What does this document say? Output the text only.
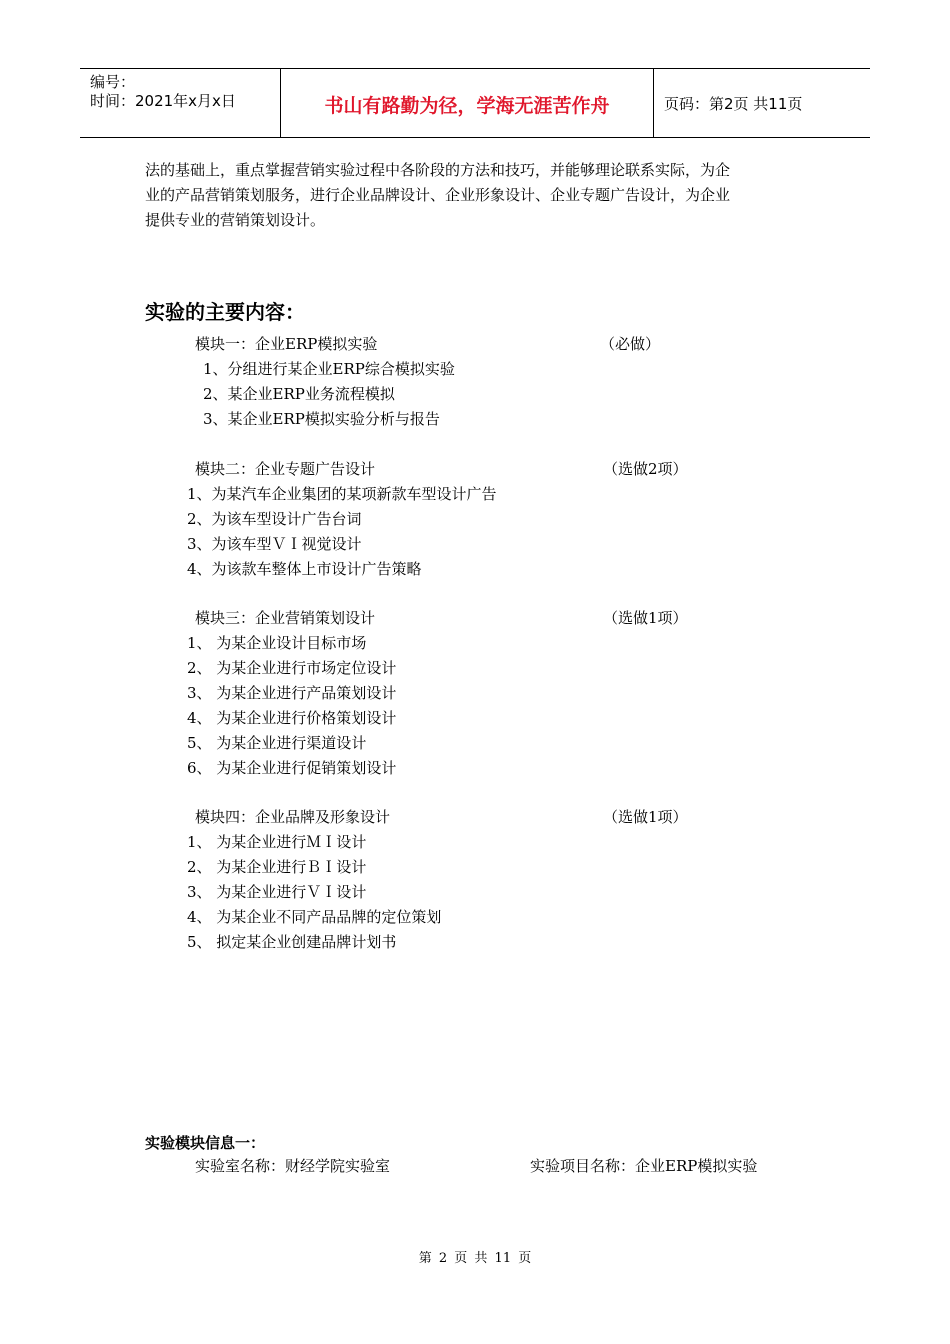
编号：
时间：2021年x月x日	书山有路勤为径，学海无涯苦作舟	页码：第2页 共11页
法的基础上，重点掌握营销实验过程中各阶段的方法和技巧，并能够理论联系实际，为企
业的产品营销策划服务，进行企业品牌设计、企业形象设计、企业专题广告设计，为企业
提供专业的营销策划设计。
实验的主要内容：
模块一：企业ERP模拟实验	（必做）
1、分组进行某企业ERP综合模拟实验
2、某企业ERP业务流程模拟
3、某企业ERP模拟实验分析与报告
模块二：企业专题广告设计	（选做2项）
1、为某汽车企业集团的某项新款车型设计广告
2、为该车型设计广告台词
3、为该车型ＶＩ视觉设计
4、为该款车整体上市设计广告策略
模块三：企业营销策划设计	（选做1项）
1、 为某企业设计目标市场
2、 为某企业进行市场定位设计
3、 为某企业进行产品策划设计
4、 为某企业进行价格策划设计
5、 为某企业进行渠道设计
6、 为某企业进行促销策划设计
模块四：企业品牌及形象设计	（选做1项）
1、 为某企业进行ＭＩ设计
2、 为某企业进行ＢＩ设计
3、 为某企业进行ＶＩ设计
4、 为某企业不同产品品牌的定位策划
5、 拟定某企业创建品牌计划书
实验模块信息一：
实验室名称：财经学院实验室	实验项目名称：企业ERP模拟实验
第 2 页 共 11 页
